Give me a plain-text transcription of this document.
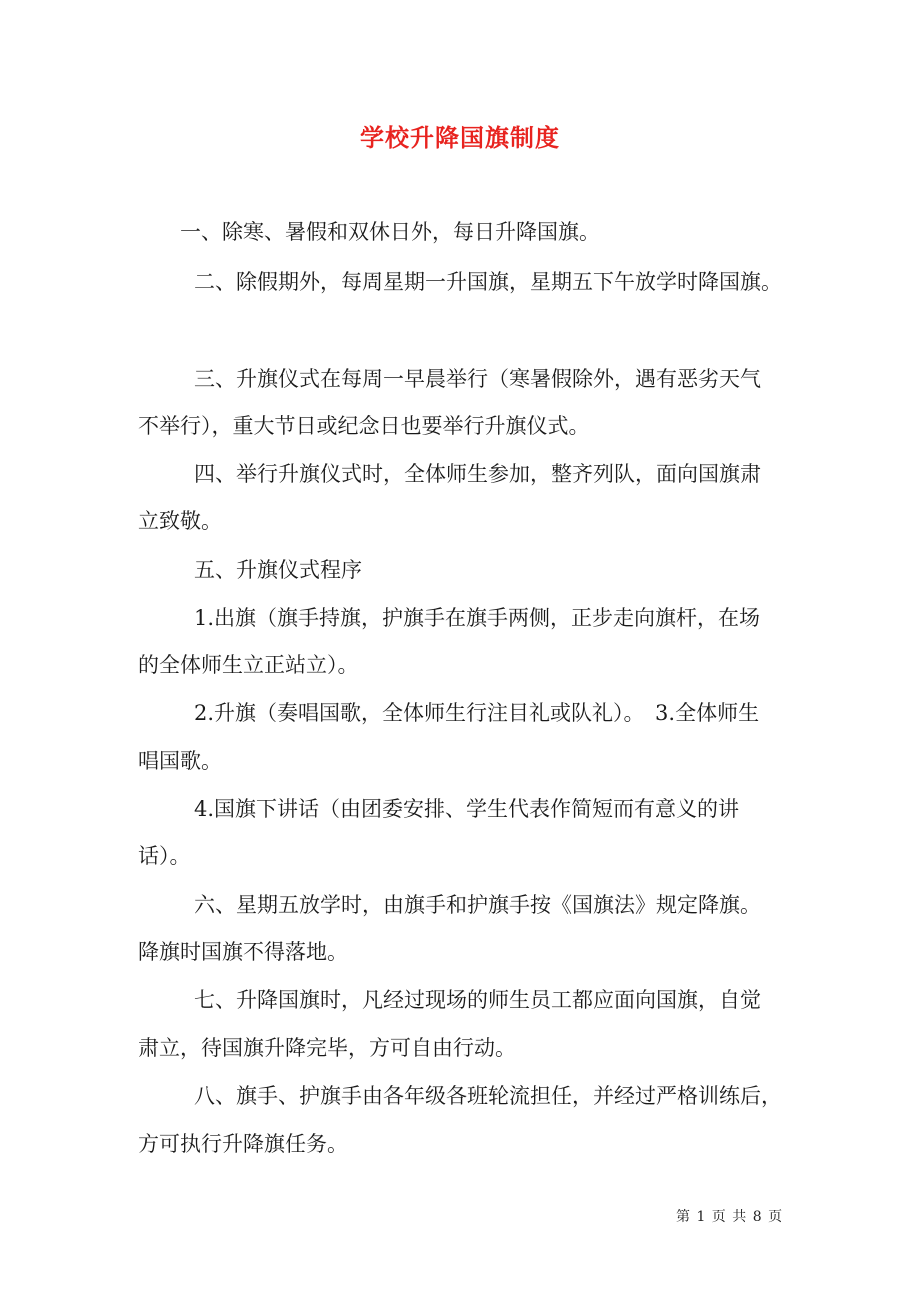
学校升降国旗制度
一、除寒、暑假和双休日外，每日升降国旗。
二、除假期外，每周星期一升国旗，星期五下午放学时降国旗。
三、升旗仪式在每周一早晨举行（寒暑假除外，遇有恶劣天气
不举行），重大节日或纪念日也要举行升旗仪式。
四、举行升旗仪式时，全体师生参加，整齐列队，面向国旗肃
立致敬。
五、升旗仪式程序
1.出旗（旗手持旗，护旗手在旗手两侧，正步走向旗杆，在场
的全体师生立正站立）。
2.升旗（奏唱国歌，全体师生行注目礼或队礼）。　3.全体师生
唱国歌。
4.国旗下讲话（由团委安排、学生代表作简短而有意义的讲
话）。
六、星期五放学时，由旗手和护旗手按《国旗法》规定降旗。
降旗时国旗不得落地。
七、升降国旗时，凡经过现场的师生员工都应面向国旗，自觉
肃立，待国旗升降完毕，方可自由行动。
八、旗手、护旗手由各年级各班轮流担任，并经过严格训练后，
方可执行升降旗任务。
第 1 页 共 8 页
